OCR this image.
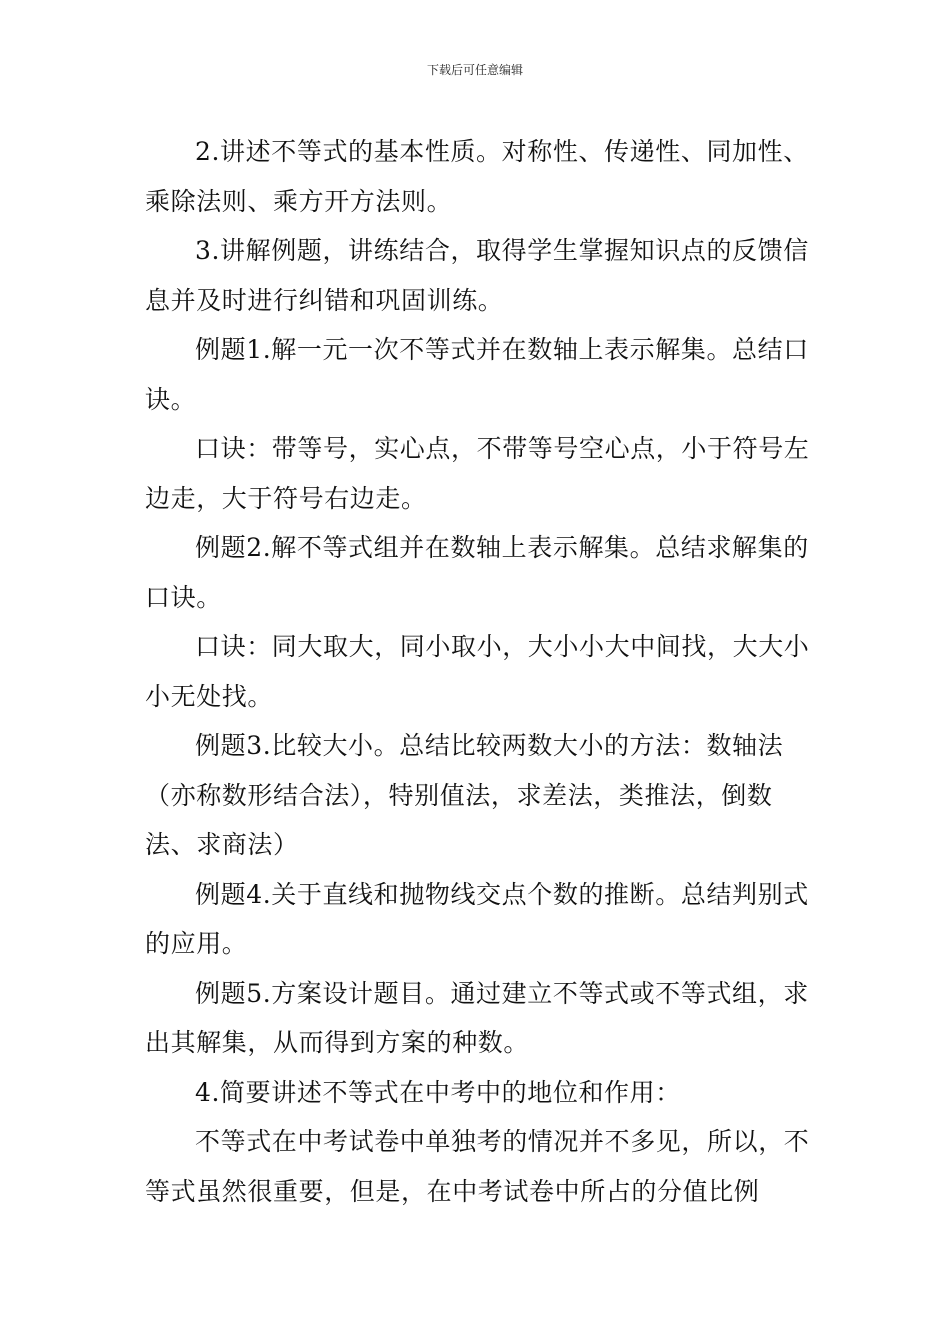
下载后可任意编辑

2.讲述不等式的基本性质。对称性、传递性、同加性、乘除法则、乘方开方法则。

3.讲解例题，讲练结合，取得学生掌握知识点的反馈信息并及时进行纠错和巩固训练。

例题1.解一元一次不等式并在数轴上表示解集。总结口诀。

口诀：带等号，实心点，不带等号空心点，小于符号左边走，大于符号右边走。

例题2.解不等式组并在数轴上表示解集。总结求解集的口诀。

口诀：同大取大，同小取小，大小小大中间找，大大小小无处找。

例题3.比较大小。总结比较两数大小的方法：数轴法（亦称数形结合法），特别值法，求差法，类推法，倒数法、求商法）

例题4.关于直线和抛物线交点个数的推断。总结判别式的应用。

例题5.方案设计题目。通过建立不等式或不等式组，求出其解集，从而得到方案的种数。

4.简要讲述不等式在中考中的地位和作用：

不等式在中考试卷中单独考的情况并不多见，所以，不等式虽然很重要，但是，在中考试卷中所占的分值比例
